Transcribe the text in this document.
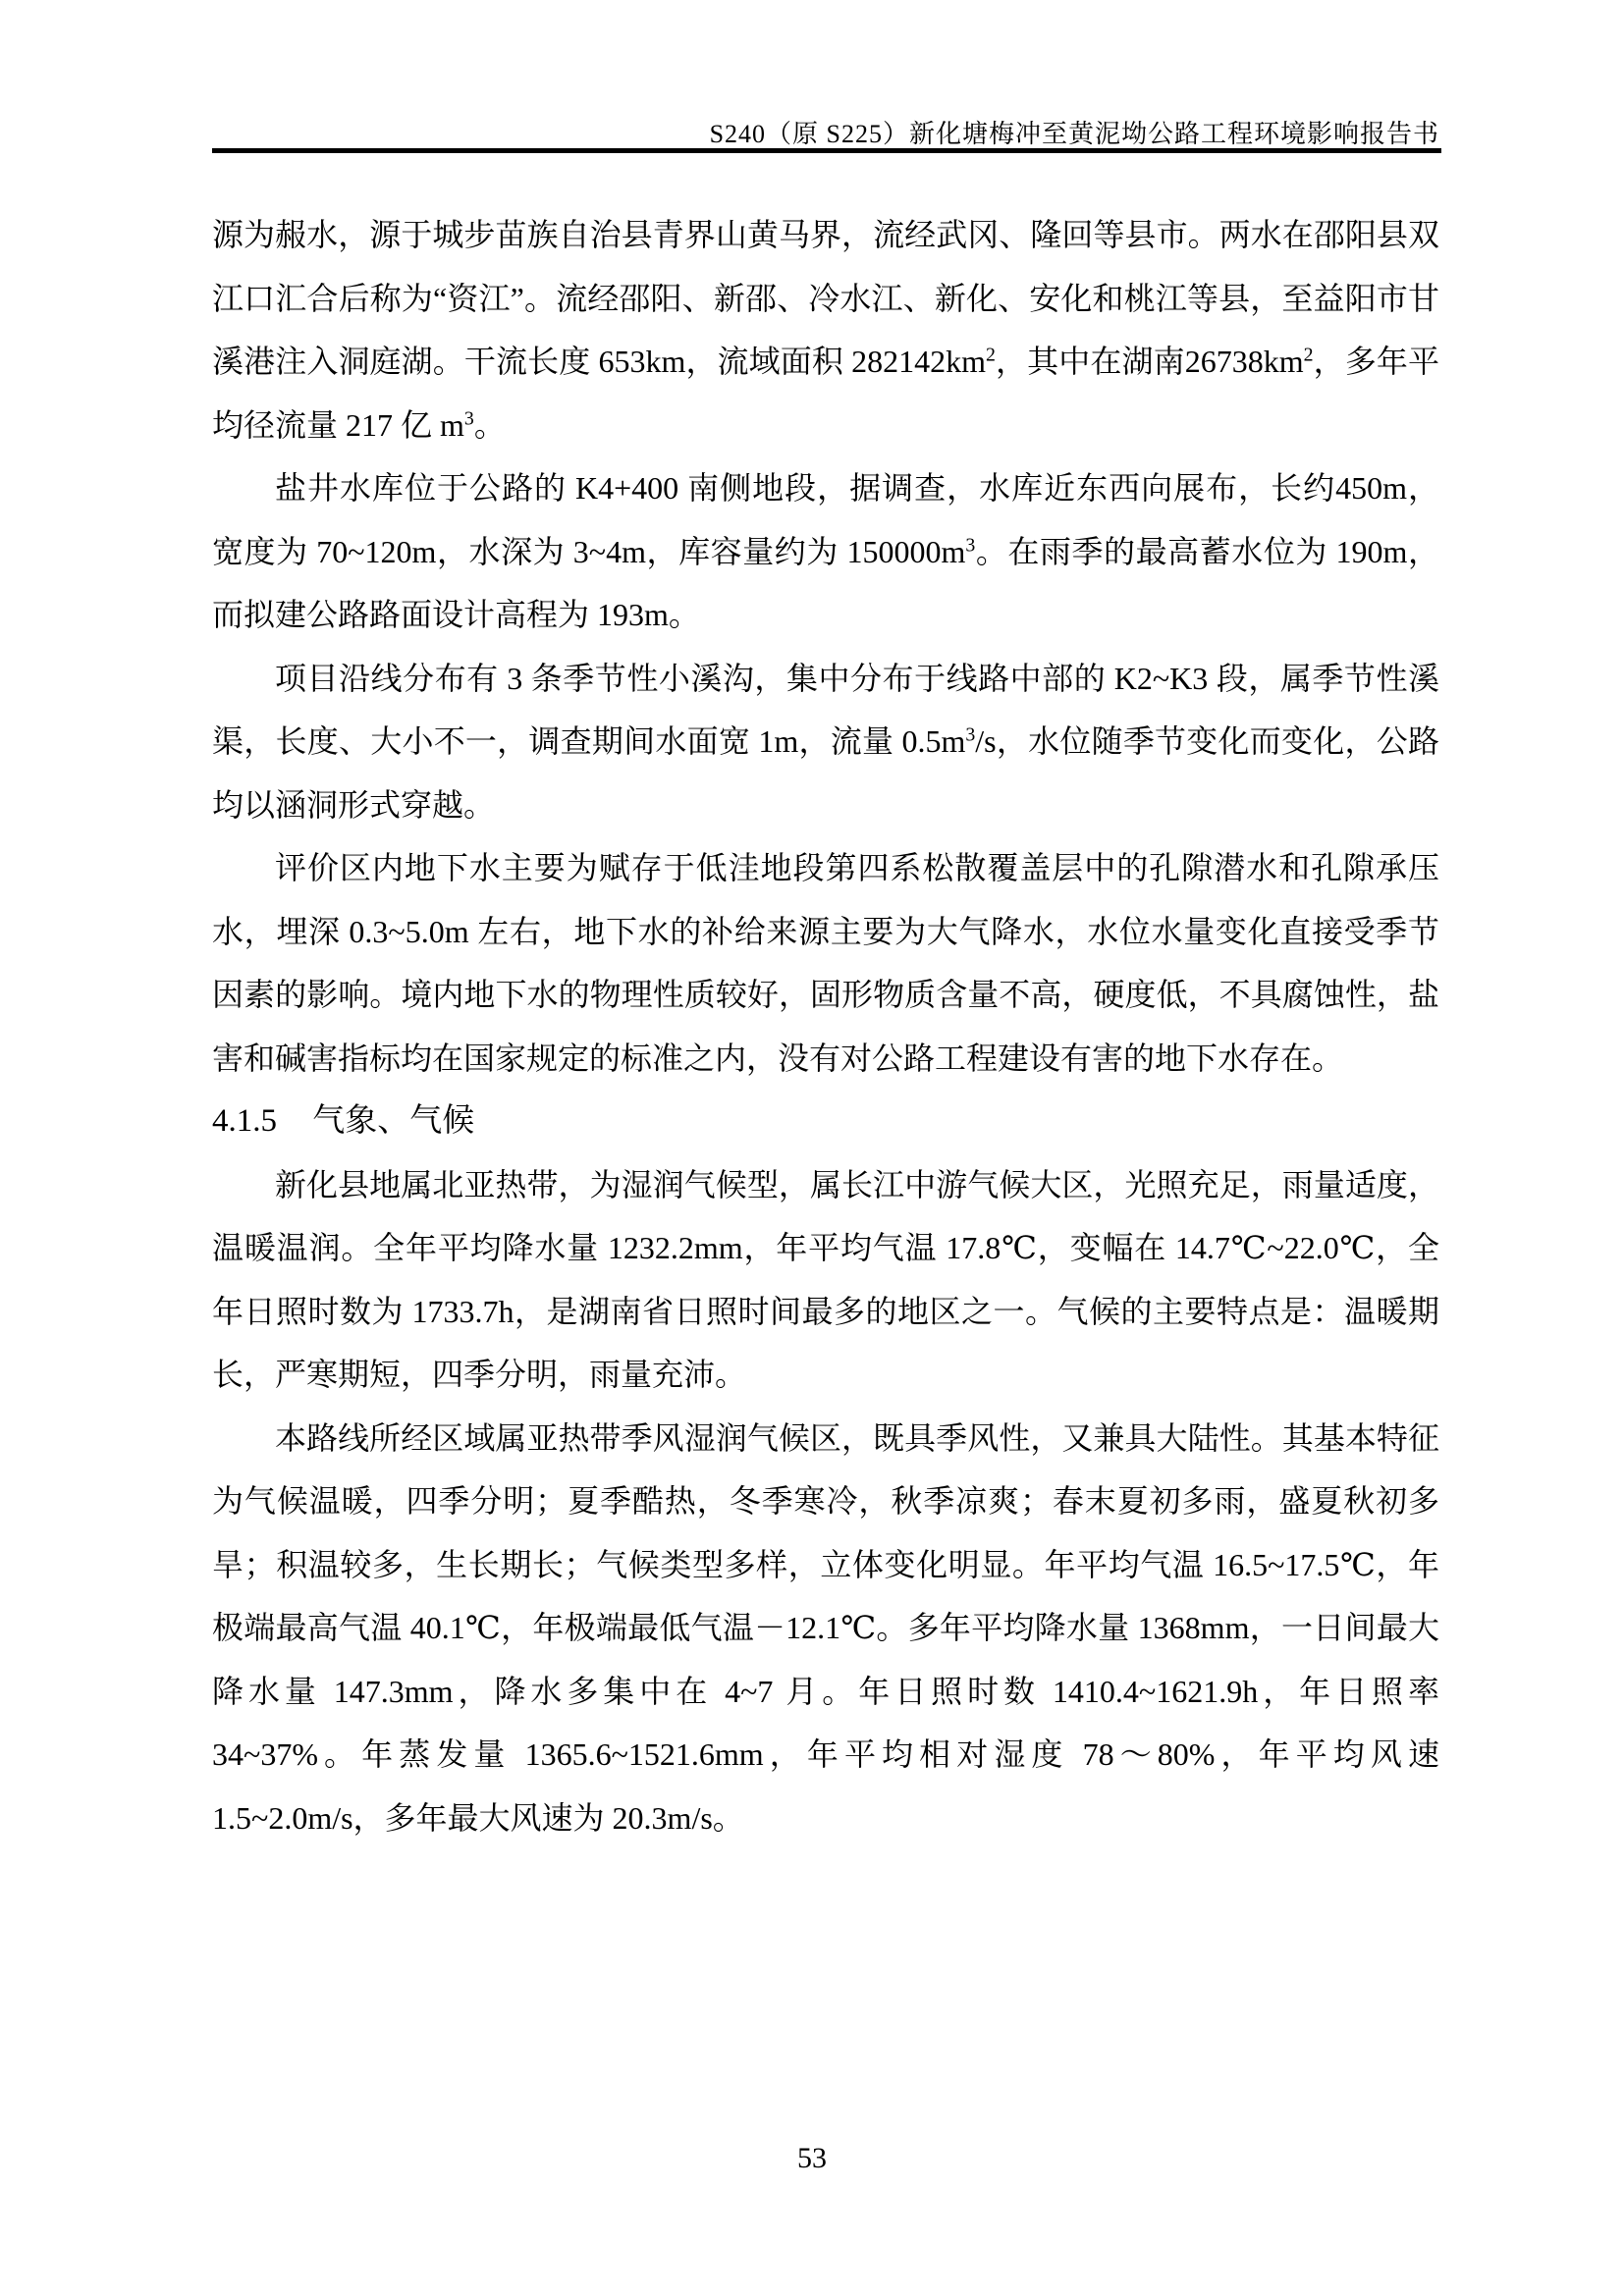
S240（原 S225）新化塘梅冲至黄泥坳公路工程环境影响报告书
源为赧水，源于城步苗族自治县青界山黄马界，流经武冈、隆回等县市。两水在邵阳县双江口汇合后称为“资江”。流经邵阳、新邵、冷水江、新化、安化和桃江等县，至益阳市甘溪港注入洞庭湖。干流长度 653km，流域面积 $282142km^2$，其中在湖南$26738km^2$，多年平均径流量 217 亿 $m^3$。
盐井水库位于公路的 K4+400 南侧地段，据调查，水库近东西向展布，长约450m，宽度为 70~120m，水深为 3~4m，库容量约为 $150000m^3$。在雨季的最高蓄水位为 190m，而拟建公路路面设计高程为 193m。
项目沿线分布有 3 条季节性小溪沟，集中分布于线路中部的 K2~K3 段，属季节性溪渠，长度、大小不一，调查期间水面宽 1m，流量 $0.5m^3/s$，水位随季节变化而变化，公路均以涵洞形式穿越。
评价区内地下水主要为赋存于低洼地段第四系松散覆盖层中的孔隙潜水和孔隙承压水，埋深 0.3~5.0m 左右，地下水的补给来源主要为大气降水，水位水量变化直接受季节因素的影响。境内地下水的物理性质较好，固形物质含量不高，硬度低，不具腐蚀性，盐害和碱害指标均在国家规定的标准之内，没有对公路工程建设有害的地下水存在。
4.1.5 气象、气候
新化县地属北亚热带，为湿润气候型，属长江中游气候大区，光照充足，雨量适度，温暖温润。全年平均降水量 1232.2mm，年平均气温 17.8℃，变幅在 14.7℃~22.0℃，全年日照时数为 1733.7h，是湖南省日照时间最多的地区之一。气候的主要特点是：温暖期长，严寒期短，四季分明，雨量充沛。
本路线所经区域属亚热带季风湿润气候区，既具季风性，又兼具大陆性。其基本特征为气候温暖，四季分明；夏季酷热，冬季寒冷，秋季凉爽；春末夏初多雨，盛夏秋初多旱；积温较多，生长期长；气候类型多样，立体变化明显。年平均气温 16.5~17.5℃，年极端最高气温 40.1℃，年极端最低气温－12.1℃。多年平均降水量 1368mm，一日间最大降水量 147.3mm，降水多集中在 4~7 月。年日照时数 1410.4~1621.9h，年日照率 34~37%。年蒸发量 1365.6~1521.6mm，年平均相对湿度 78～80%，年平均风速 1.5~2.0m/s，多年最大风速为 20.3m/s。
53
